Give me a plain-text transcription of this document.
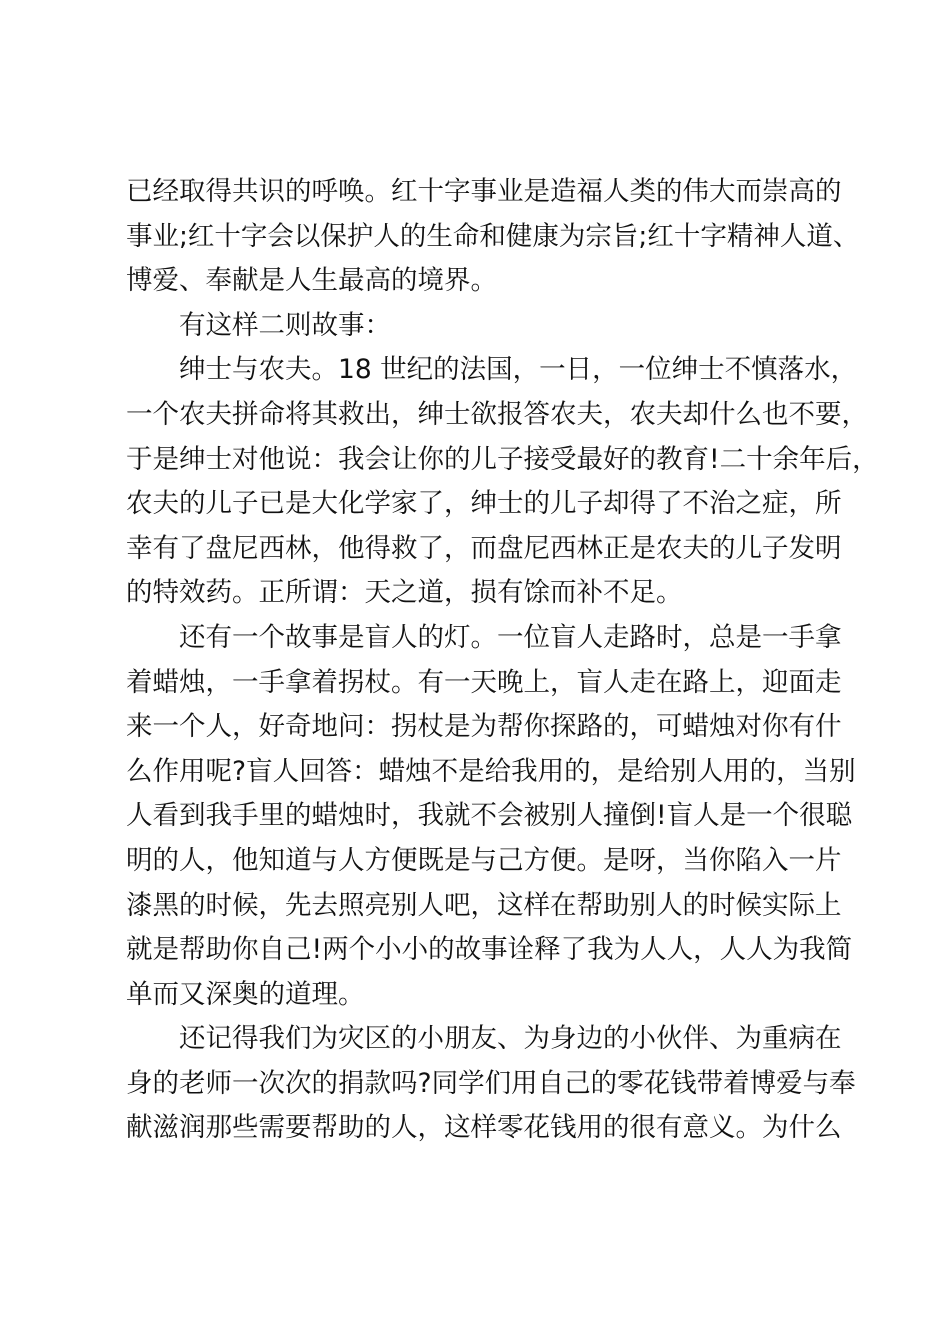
已经取得共识的呼唤。红十字事业是造福人类的伟大而崇高的
事业;红十字会以保护人的生命和健康为宗旨;红十字精神人道、
博爱、奉献是人生最高的境界。
有这样二则故事：
绅士与农夫。18 世纪的法国，一日，一位绅士不慎落水，
一个农夫拼命将其救出，绅士欲报答农夫，农夫却什么也不要，
于是绅士对他说：我会让你的儿子接受最好的教育!二十余年后，
农夫的儿子已是大化学家了，绅士的儿子却得了不治之症，所
幸有了盘尼西林，他得救了，而盘尼西林正是农夫的儿子发明
的特效药。正所谓：天之道，损有馀而补不足。
还有一个故事是盲人的灯。一位盲人走路时，总是一手拿
着蜡烛，一手拿着拐杖。有一天晚上，盲人走在路上，迎面走
来一个人，好奇地问：拐杖是为帮你探路的，可蜡烛对你有什
么作用呢?盲人回答：蜡烛不是给我用的，是给别人用的，当别
人看到我手里的蜡烛时，我就不会被别人撞倒!盲人是一个很聪
明的人，他知道与人方便既是与己方便。是呀，当你陷入一片
漆黑的时候，先去照亮别人吧，这样在帮助别人的时候实际上
就是帮助你自己!两个小小的故事诠释了我为人人，人人为我简
单而又深奥的道理。
还记得我们为灾区的小朋友、为身边的小伙伴、为重病在
身的老师一次次的捐款吗?同学们用自己的零花钱带着博爱与奉
献滋润那些需要帮助的人，这样零花钱用的很有意义。为什么
